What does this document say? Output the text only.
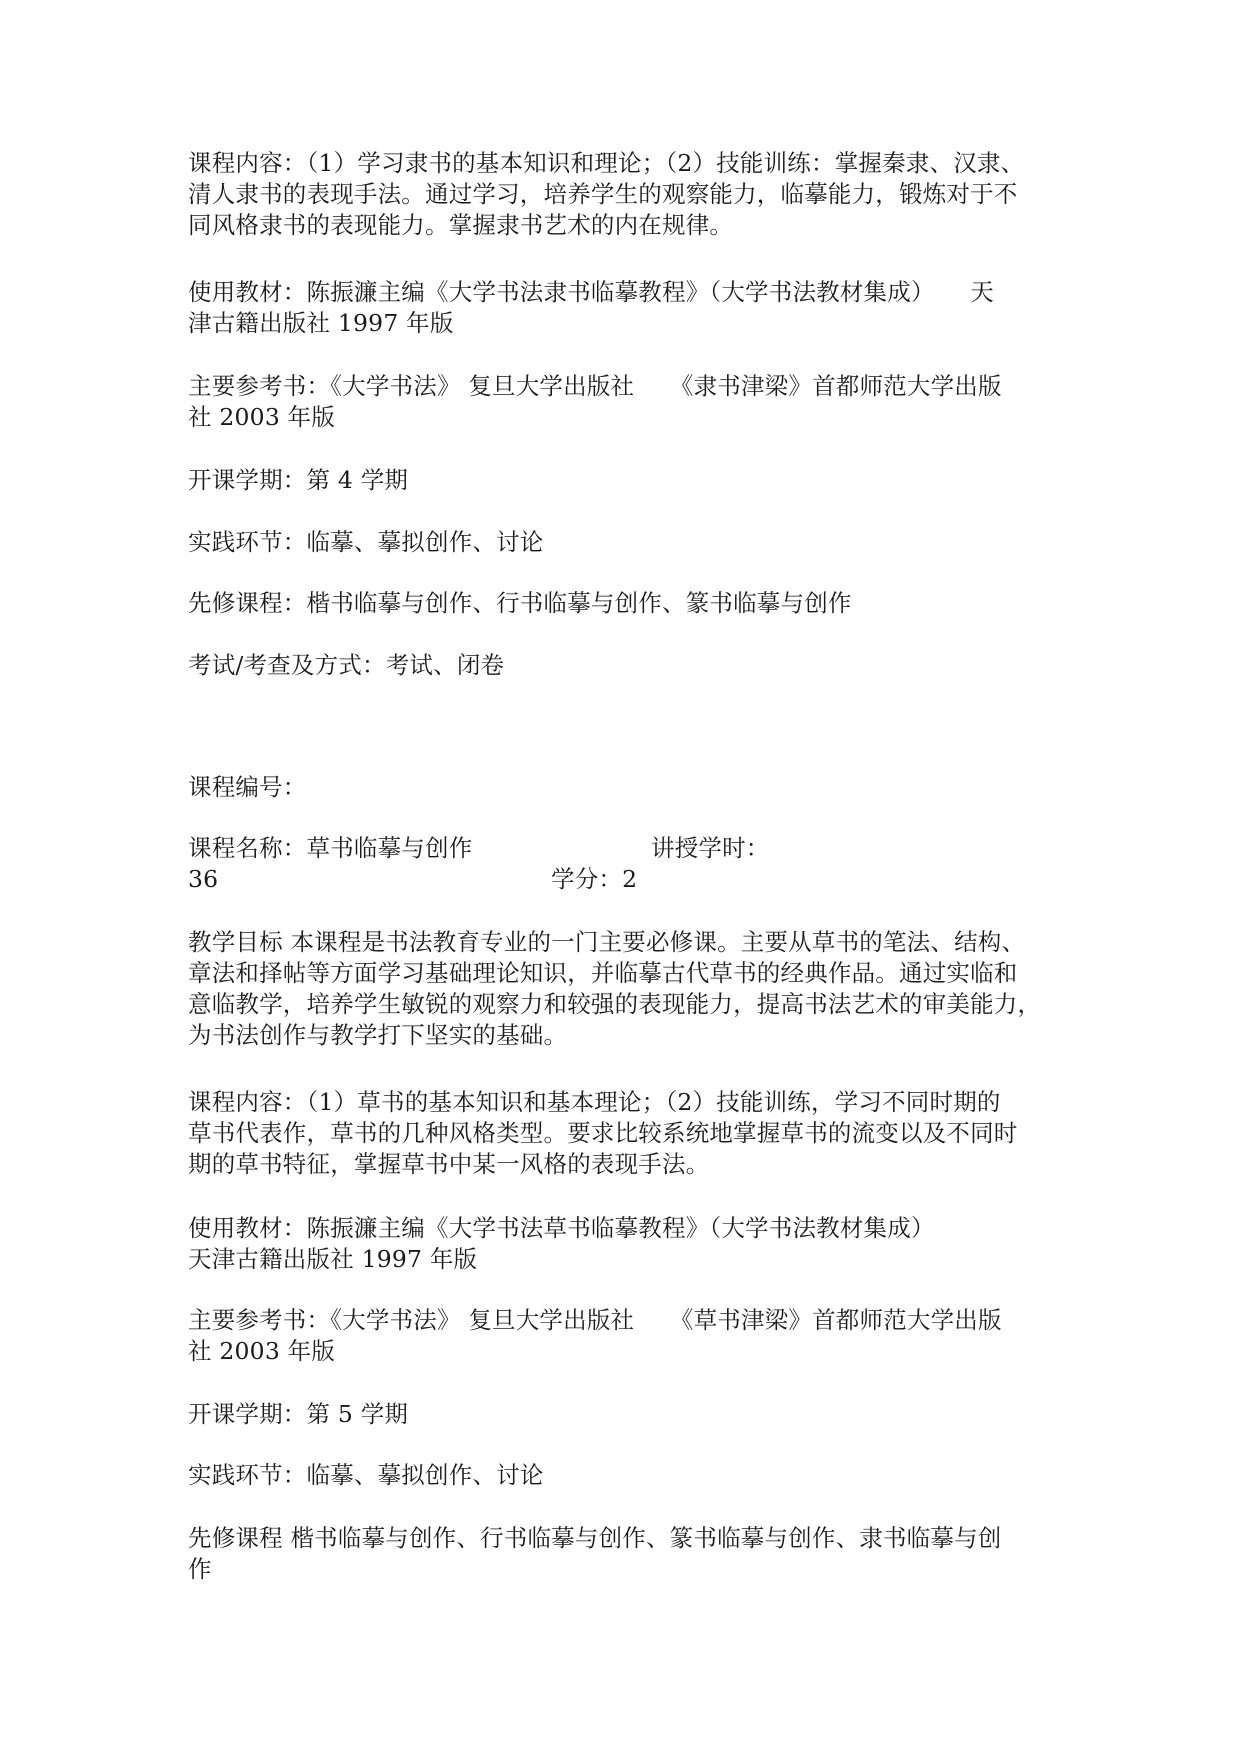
课程内容：（1）学习隶书的基本知识和理论；（2）技能训练：掌握秦隶、汉隶、
清人隶书的表现手法。通过学习，培养学生的观察能力，临摹能力，锻炼对于不
同风格隶书的表现能力。掌握隶书艺术的内在规律。
使用教材：陈振濂主编《大学书法隶书临摹教程》（大学书法教材集成）　　天
津古籍出版社 1997 年版
主要参考书：《大学书法》 复旦大学出版社　　《隶书津梁》首都师范大学出版
社 2003 年版
开课学期：第 4 学期
实践环节：临摹、摹拟创作、讨论
先修课程：楷书临摹与创作、行书临摹与创作、篆书临摹与创作
考试/考查及方式：考试、闭卷
课程编号：
课程名称：草书临摹与创作	讲授学时：
36	学分：2
教学目标 本课程是书法教育专业的一门主要必修课。主要从草书的笔法、结构、
章法和择帖等方面学习基础理论知识，并临摹古代草书的经典作品。通过实临和
意临教学，培养学生敏锐的观察力和较强的表现能力，提高书法艺术的审美能力，
为书法创作与教学打下坚实的基础。
课程内容：（1）草书的基本知识和基本理论；（2）技能训练，学习不同时期的
草书代表作，草书的几种风格类型。要求比较系统地掌握草书的流变以及不同时
期的草书特征，掌握草书中某一风格的表现手法。
使用教材：陈振濂主编《大学书法草书临摹教程》（大学书法教材集成）
天津古籍出版社 1997 年版
主要参考书：《大学书法》 复旦大学出版社　　《草书津梁》首都师范大学出版
社 2003 年版
开课学期：第 5 学期
实践环节：临摹、摹拟创作、讨论
先修课程 楷书临摹与创作、行书临摹与创作、篆书临摹与创作、隶书临摹与创
作
